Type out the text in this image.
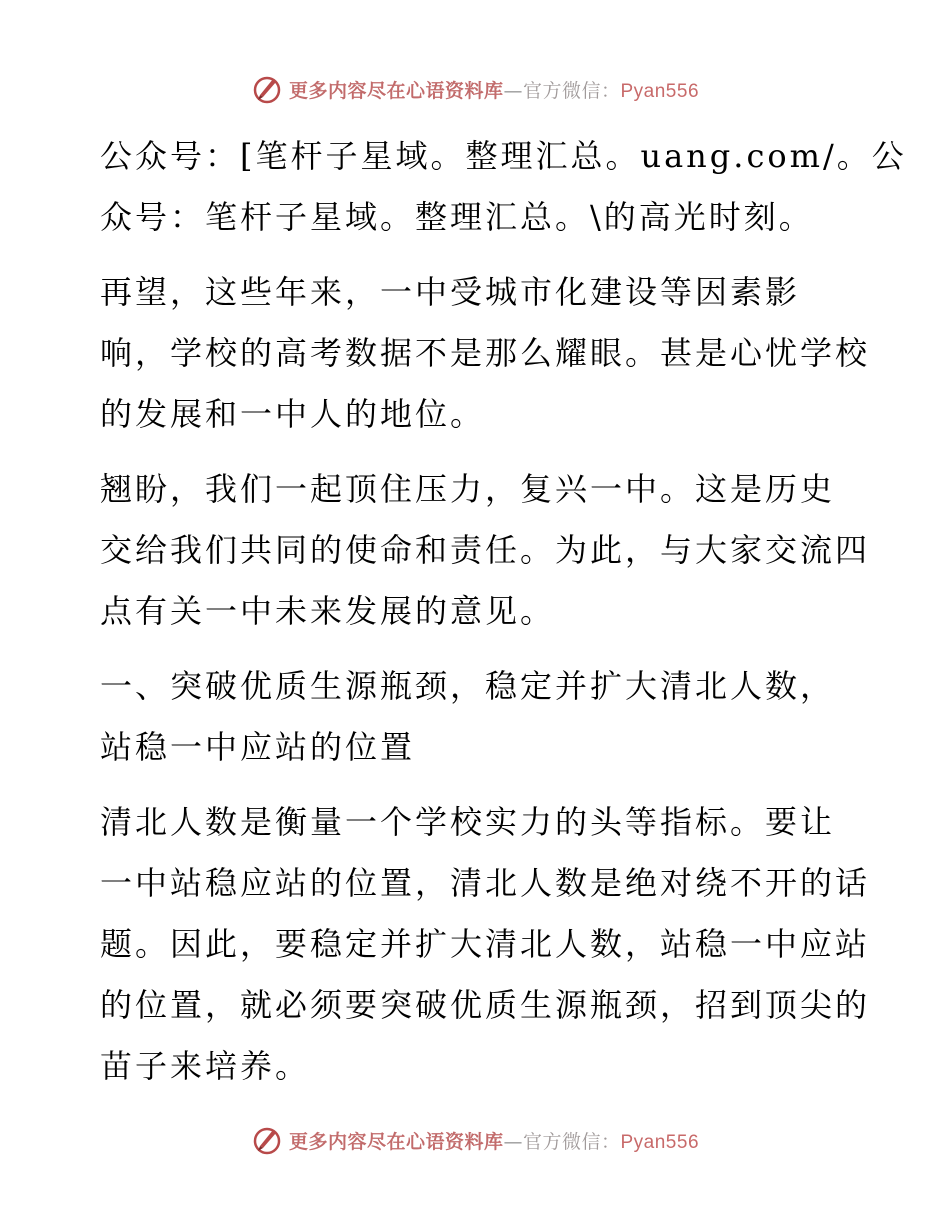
更多内容尽在心语资料库—官方微信：Pyan556
公众号：[笔杆子星域。整理汇总。uang.com/。公
众号：笔杆子星域。整理汇总。\的高光时刻。
再望，这些年来，一中受城市化建设等因素影
响，学校的高考数据不是那么耀眼。甚是心忧学校
的发展和一中人的地位。
翘盼，我们一起顶住压力，复兴一中。这是历史
交给我们共同的使命和责任。为此，与大家交流四
点有关一中未来发展的意见。
一、突破优质生源瓶颈，稳定并扩大清北人数，
站稳一中应站的位置
清北人数是衡量一个学校实力的头等指标。要让
一中站稳应站的位置，清北人数是绝对绕不开的话
题。因此，要稳定并扩大清北人数，站稳一中应站
的位置，就必须要突破优质生源瓶颈，招到顶尖的
苗子来培养。
更多内容尽在心语资料库—官方微信：Pyan556
